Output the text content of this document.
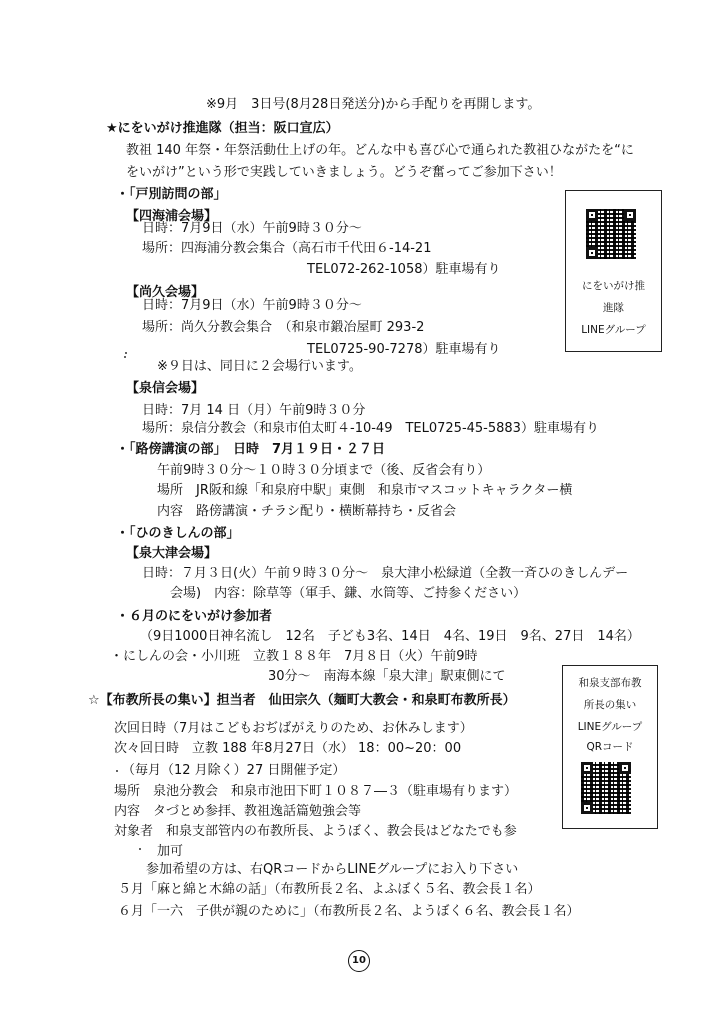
※9月　3日号(8月28日発送分)から手配りを再開します。
★にをいがけ推進隊（担当：阪口宣広）
教祖 140 年祭・年祭活動仕上げの年。どんな中も喜び心で通られた教祖ひながたを“に
をいがけ”という形で実践していきましょう。どうぞ奮ってご参加下さい！
・「戸別訪問の部」
【四海浦会場】
日時：7月9日（水）午前9時３０分～
場所：四海浦分教会集合（高石市千代田６-14-21
TEL072-262-1058）駐車場有り
【尚久会場】
日時：7月9日（水）午前9時３０分～
場所：尚久分教会集合　（和泉市鍛冶屋町 293-2
TEL0725-90-7278）駐車場有り
※９日は、同日に２会場行います。
【泉信会場】
日時：7月 14 日（月）午前9時３０分
場所：泉信分教会（和泉市伯太町４-10-49　TEL0725-45-5883）駐車場有り
・「路傍講演の部」　日時　7月１９日・２７日
午前9時３０分～１０時３０分頃まで（後、反省会有り）
場所　JR阪和線「和泉府中駅」東側　和泉市マスコットキャラクター横
内容　路傍講演・チラシ配り・横断幕持ち・反省会
・「ひのきしんの部」
【泉大津会場】
日時：７月３日(火）午前９時３０分～　泉大津小松緑道（全教一斉ひのきしんデー
会場)　内容：除草等（軍手、鎌、水筒等、ご持参ください）
・６月のにをいがけ参加者
（9日1000日神名流し　12名　子ども3名、14日　4名、19日　9名、27日　14名）
・にしんの会・小川班　立教１８８年　7月８日（火）午前9時
30分～　南海本線「泉大津」駅東側にて
☆【布教所長の集い】担当者　仙田宗久（麺町大教会・和泉町布教所長）
次回日時（7月はこどもおぢばがえりのため、お休みします）
次々回日時　立教 188 年8月27日（水） 18：00~20：00
（毎月（12 月除く）27 日開催予定）
場所　泉池分教会　和泉市池田下町１０８７―３（駐車場有ります）
内容　タづとめ参拝、教祖逸話篇勉強会等
対象者　和泉支部管内の布教所長、ようぼく、教会長はどなたでも参
加可
参加希望の方は、右QRコードからLINEグループにお入り下さい
５月「麻と綿と木綿の話」（布教所長２名、よふぼく５名、教会長１名）
６月「一六　子供が親のために」（布教所長２名、ようぼく６名、教会長１名）
にをいがけ推
進隊
LINEグループ
和泉支部布教
所長の集い
LINEグループ
QRコード
10
